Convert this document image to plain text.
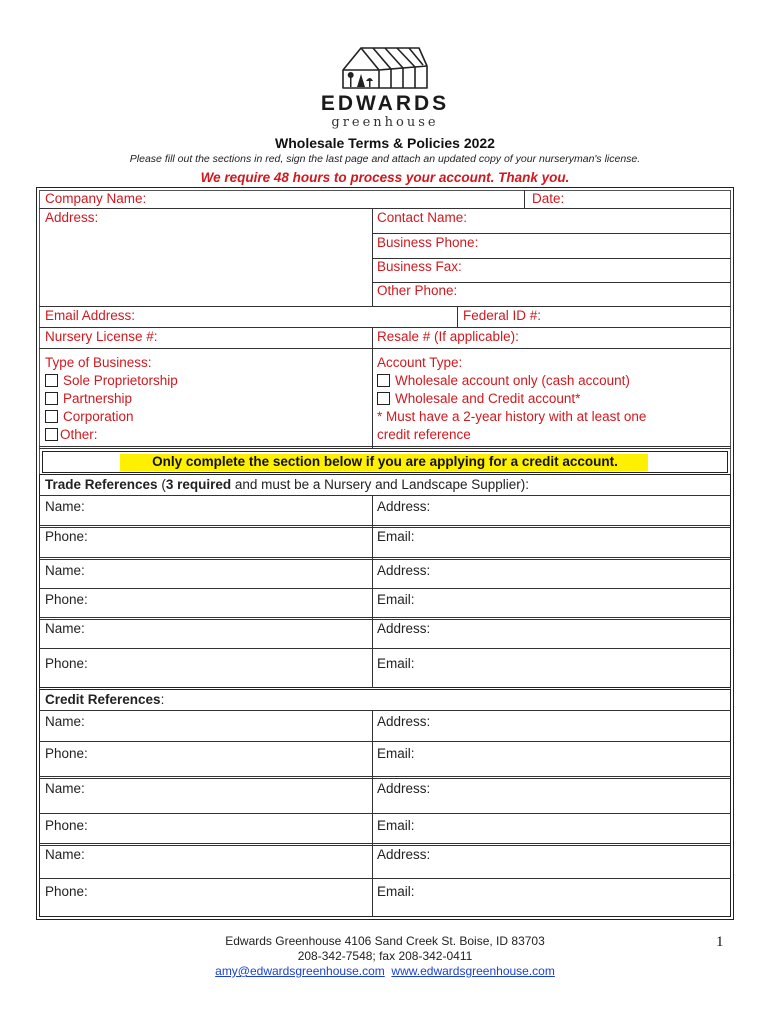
EDWARDS
greenhouse
Wholesale Terms & Policies 2022
Please fill out the sections in red, sign the last page and attach an updated copy of your nurseryman's license.
We require 48 hours to process your account. Thank you.
Company Name:	Date:
Address:	Contact Name:
Business Phone:
Business Fax:
Other Phone:
Email Address:	Federal ID #:
Nursery License #:	Resale # (If applicable):
Type of Business:
Sole Proprietorship
Partnership
Corporation
Other:
Account Type:
Wholesale account only (cash account)
Wholesale and Credit account*
* Must have a 2-year history with at least one
credit reference
Only complete the section below if you are applying for a credit account.
Trade References (3 required and must be a Nursery and Landscape Supplier):
Name:	Address:
Phone:	Email:
Name:	Address:
Phone:	Email:
Name:	Address:
Phone:	Email:
Credit References:
Name:	Address:
Phone:	Email:
Name:	Address:
Phone:	Email:
Name:	Address:
Phone:	Email:
Edwards Greenhouse 4106 Sand Creek St. Boise, ID 83703
208-342-7548; fax 208-342-0411
amy@edwardsgreenhouse.com www.edwardsgreenhouse.com
1
